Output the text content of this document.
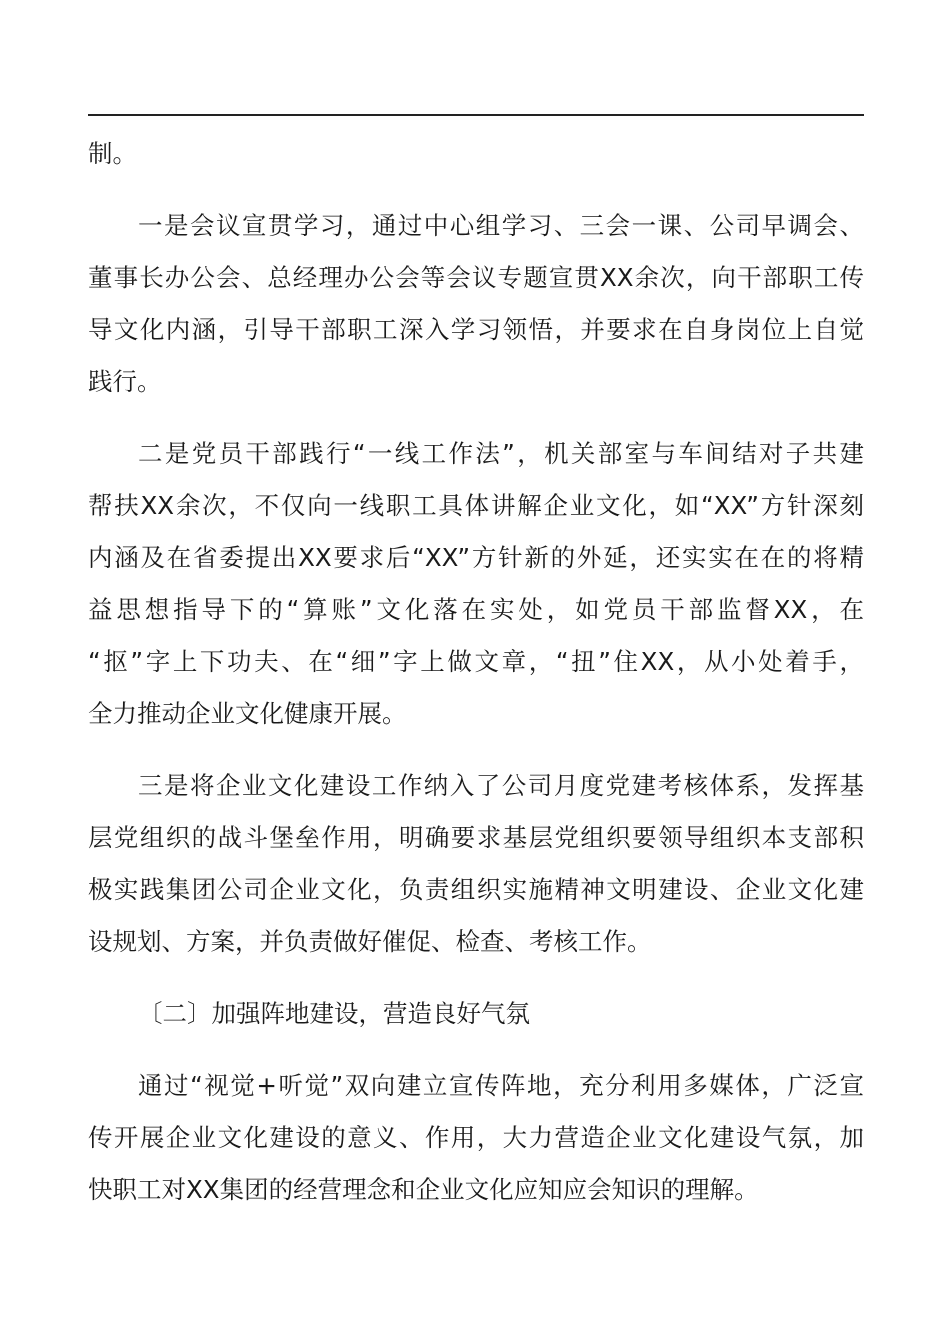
制。
一是会议宣贯学习，通过中心组学习、三会一课、公司早调会、
董事长办公会、总经理办公会等会议专题宣贯XX余次，向干部职工传
导文化内涵，引导干部职工深入学习领悟，并要求在自身岗位上自觉
践行。
二是党员干部践行“一线工作法”，机关部室与车间结对子共建
帮扶XX余次，不仅向一线职工具体讲解企业文化，如“XX”方针深刻
内涵及在省委提出XX要求后“XX”方针新的外延，还实实在在的将精
益思想指导下的“算账”文化落在实处，如党员干部监督XX，在
“抠”字上下功夫、在“细”字上做文章，“扭”住XX，从小处着手，
全力推动企业文化健康开展。
三是将企业文化建设工作纳入了公司月度党建考核体系，发挥基
层党组织的战斗堡垒作用，明确要求基层党组织要领导组织本支部积
极实践集团公司企业文化，负责组织实施精神文明建设、企业文化建
设规划、方案，并负责做好催促、检查、考核工作。
〔二〕加强阵地建设，营造良好气氛
通过“视觉+听觉”双向建立宣传阵地，充分利用多媒体，广泛宣
传开展企业文化建设的意义、作用，大力营造企业文化建设气氛，加
快职工对XX集团的经营理念和企业文化应知应会知识的理解。
